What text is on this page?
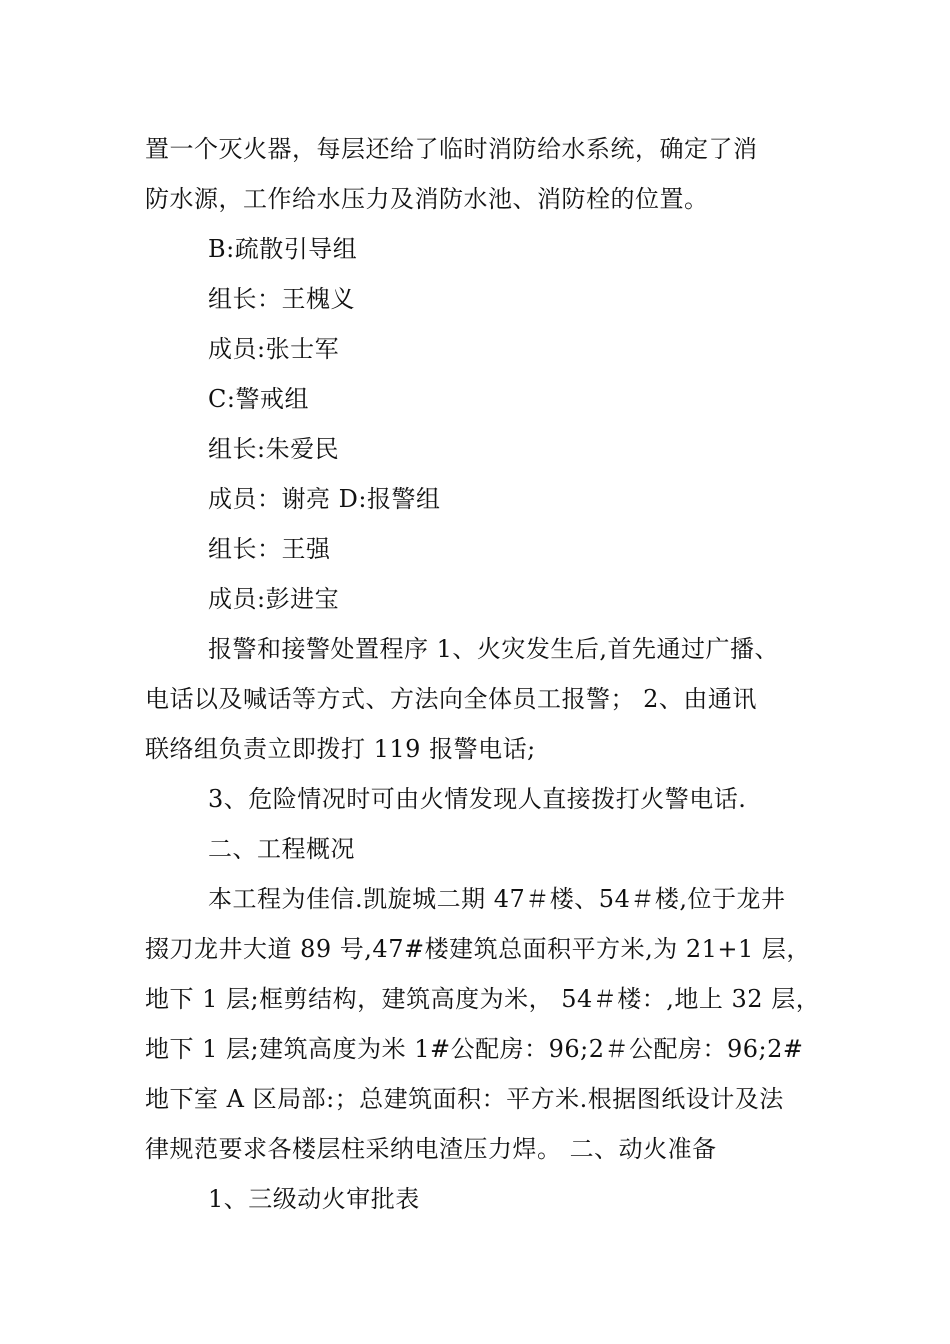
置一个灭火器，每层还给了临时消防给水系统，确定了消
防水源，工作给水压力及消防水池、消防栓的位置。
B:疏散引导组
组长：王槐义
成员:张士军
C:警戒组
组长:朱爱民
成员：谢亮 D:报警组
组长：王强
成员:彭进宝
报警和接警处置程序 1、火灾发生后,首先通过广播、
电话以及喊话等方式、方法向全体员工报警； 2、由通讯
联络组负责立即拨打 119 报警电话;
3、危险情况时可由火情发现人直接拨打火警电话.
二、工程概况
本工程为佳信.凯旋城二期 47＃楼、54＃楼,位于龙井
掇刀龙井大道 89 号,47#楼建筑总面积平方米,为 21+1 层，
地下 1 层;框剪结构，建筑高度为米， 54＃楼：,地上 32 层，
地下 1 层;建筑高度为米 1#公配房：96;2＃公配房：96;2#
地下室 A 区局部:；总建筑面积：平方米.根据图纸设计及法
律规范要求各楼层柱采纳电渣压力焊。 二、动火准备
1、三级动火审批表
